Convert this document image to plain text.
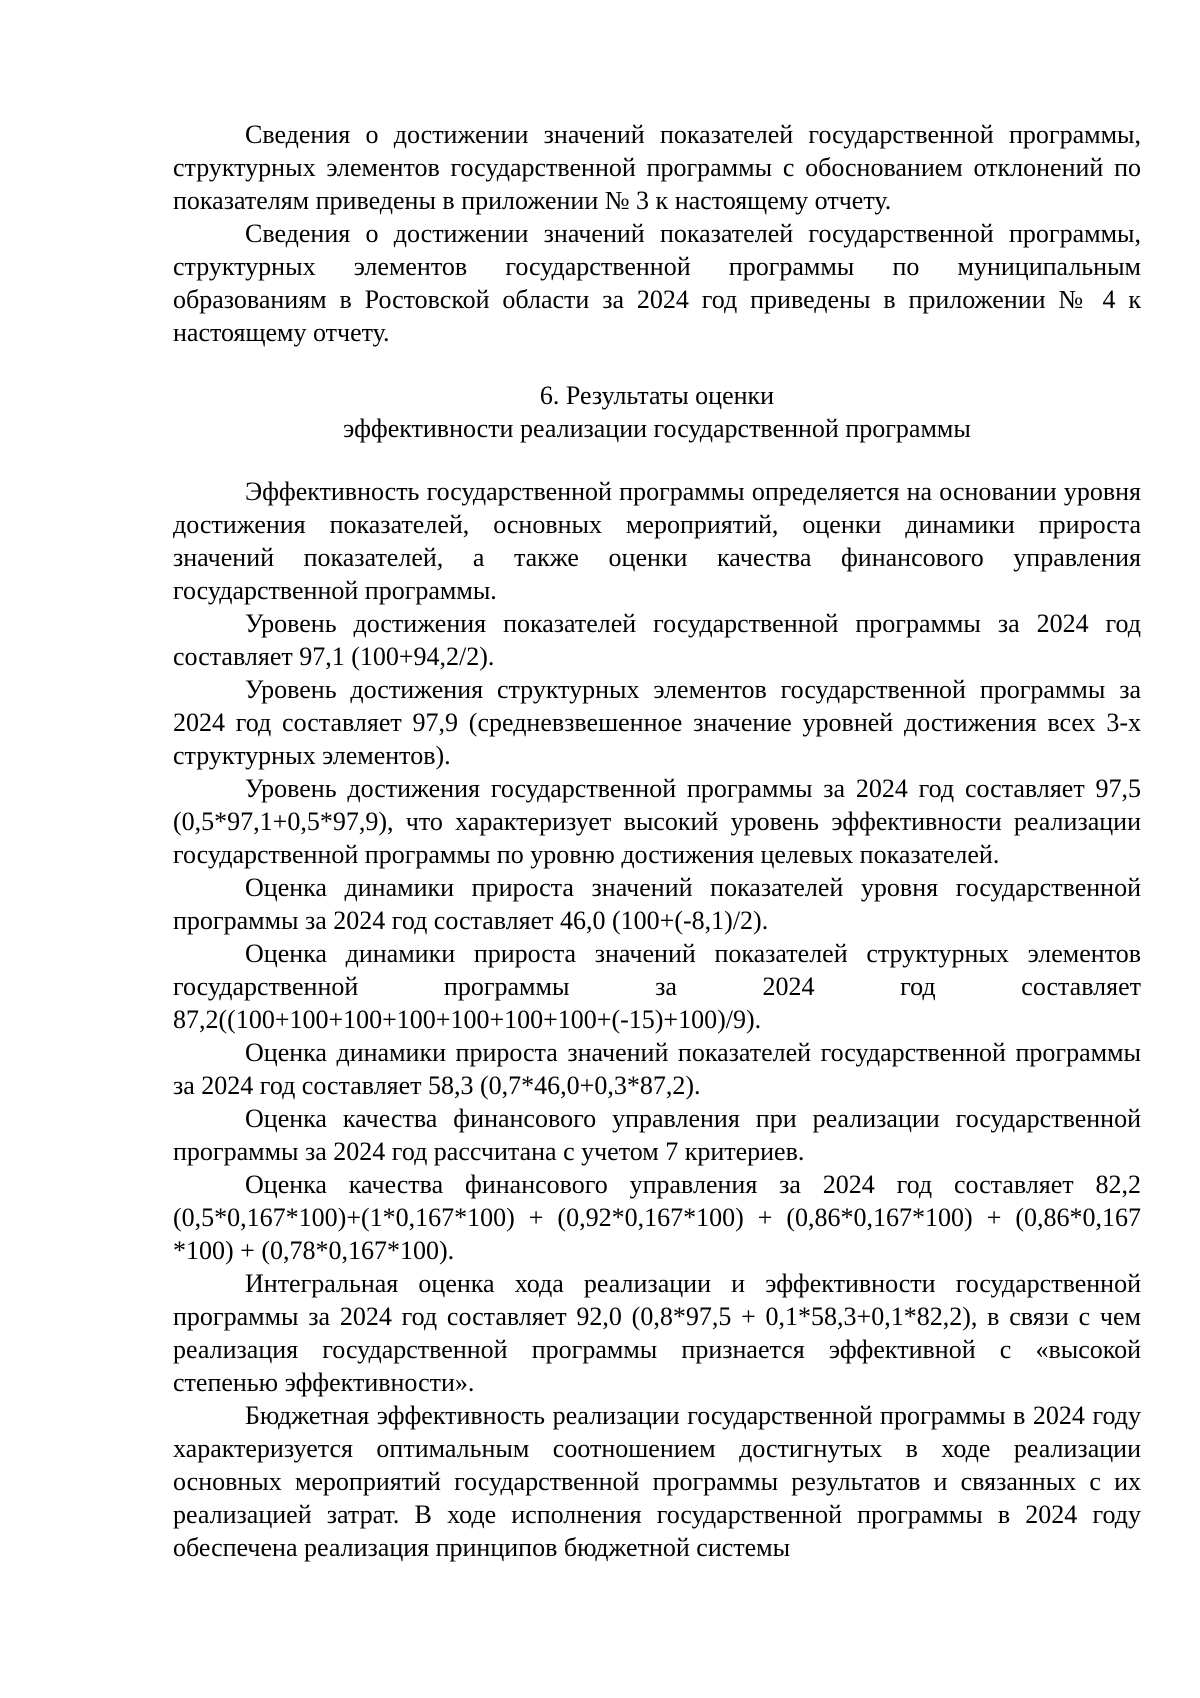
Сведения о достижении значений показателей государственной программы, структурных элементов государственной программы с обоснованием отклонений по показателям приведены в приложении № 3 к настоящему отчету.

Сведения о достижении значений показателей государственной программы, структурных элементов государственной программы по муниципальным образованиям в Ростовской области за 2024 год приведены в приложении № 4 к настоящему отчету.

6. Результаты оценки

эффективности реализации государственной программы

Эффективность государственной программы определяется на основании уровня достижения показателей, основных мероприятий, оценки динамики прироста значений показателей, а также оценки качества финансового управления государственной программы.

Уровень достижения показателей государственной программы за 2024 год составляет 97,1 (100+94,2/2).

Уровень достижения структурных элементов государственной программы за 2024 год составляет 97,9 (средневзвешенное значение уровней достижения всех 3-х структурных элементов).

Уровень достижения государственной программы за 2024 год составляет 97,5 (0,5*97,1+0,5*97,9), что характеризует высокий уровень эффективности реализации государственной программы по уровню достижения целевых показателей.

Оценка динамики прироста значений показателей уровня государственной программы за 2024 год составляет 46,0 (100+(-8,1)/2).

Оценка динамики прироста значений показателей структурных элементов государственной программы за 2024 год составляет 87,2((100+100+100+100+100+100+100+(-15)+100)/9).

Оценка динамики прироста значений показателей государственной программы за 2024 год составляет 58,3 (0,7*46,0+0,3*87,2).

Оценка качества финансового управления при реализации государственной программы за 2024 год рассчитана с учетом 7 критериев.

Оценка качества финансового управления за 2024 год составляет 82,2 (0,5*0,167*100)+(1*0,167*100) + (0,92*0,167*100) + (0,86*0,167*100) + (0,86*0,167 *100) + (0,78*0,167*100).

Интегральная оценка хода реализации и эффективности государственной программы за 2024 год составляет 92,0 (0,8*97,5 + 0,1*58,3+0,1*82,2), в связи с чем реализация государственной программы признается эффективной с «высокой степенью эффективности».

Бюджетная эффективность реализации государственной программы в 2024 году характеризуется оптимальным соотношением достигнутых в ходе реализации основных мероприятий государственной программы результатов и связанных с их реализацией затрат. В ходе исполнения государственной программы в 2024 году обеспечена реализация принципов бюджетной системы
